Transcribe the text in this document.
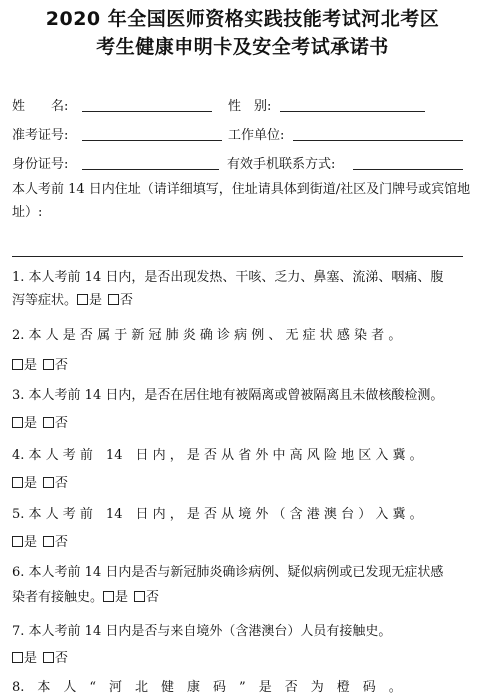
2020 年全国医师资格实践技能考试河北考区
考生健康申明卡及安全考试承诺书
姓　　名:	性　别:
准考证号:	工作单位:
身份证号:	有效手机联系方式:
本人考前 14 日内住址（请详细填写，住址请具体到街道/社区及门牌号或宾馆地址）:
1. 本人考前 14 日内，是否出现发热、干咳、乏力、鼻塞、流涕、咽痛、腹
泻等症状。 是 否
2. 本 人 是 否 属 于 新 冠 肺 炎 确 诊 病 例 、 无 症 状 感 染 者 。
是 否
3. 本人考前 14 日内，是否在居住地有被隔离或曾被隔离且未做核酸检测。
是 否
4. 本 人 考 前　14　日 内 ， 是 否 从 省 外 中 高 风 险 地 区 入 冀 。
是 否
5. 本 人 考 前　14　日 内 ， 是 否 从 境 外 （ 含 港 澳 台 ） 入 冀 。
是 否
6. 本人考前 14 日内是否与新冠肺炎确诊病例、疑似病例或已发现无症状感
染者有接触史。 是 否
7. 本人考前 14 日内是否与来自境外（含港澳台）人员有接触史。
是 否
8.　本　人　“　河　北　健　康　码　”　是　否　为　橙　码　。
